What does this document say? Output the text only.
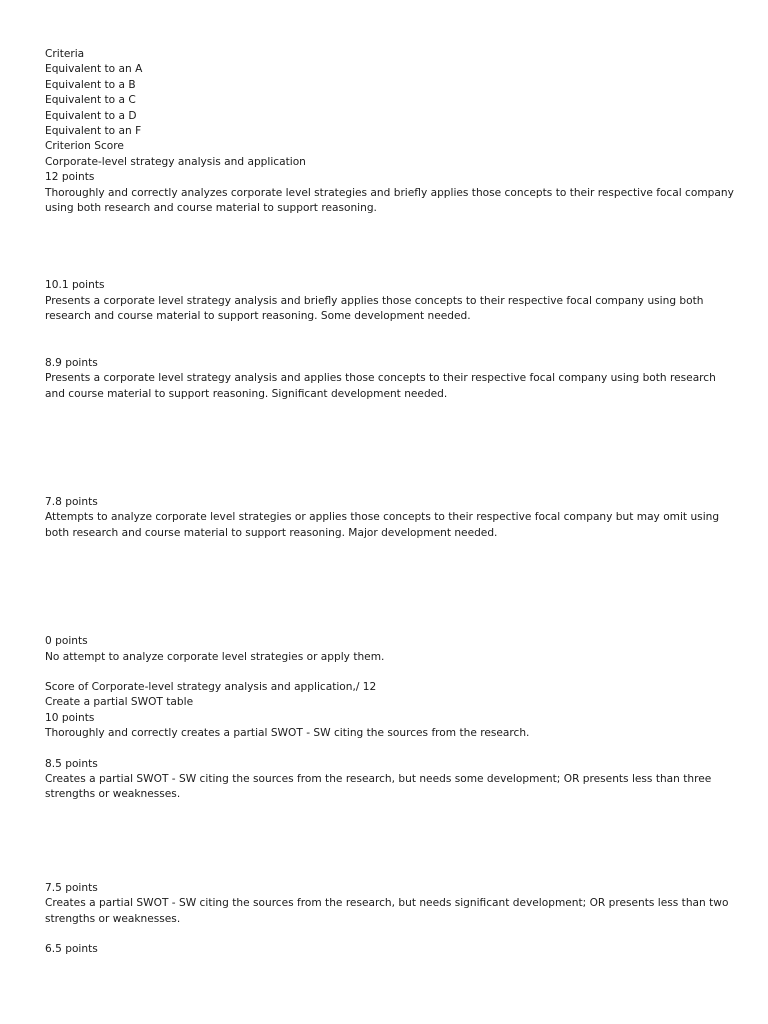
Criteria
Equivalent to an A
Equivalent to a B
Equivalent to a C
Equivalent to a D
Equivalent to an F
Criterion Score
Corporate-level strategy analysis and application
12 points
Thoroughly and correctly analyzes corporate level strategies and briefly applies those concepts to their respective focal company using both research and course material to support reasoning.
10.1 points
Presents a corporate level strategy analysis and briefly applies those concepts to their respective focal company using both research and course material to support reasoning. Some development needed.
8.9 points
Presents a corporate level strategy analysis and applies those concepts to their respective focal company using both research and course material to support reasoning. Significant development needed.
7.8 points
Attempts to analyze corporate level strategies or applies those concepts to their respective focal company but may omit using both research and course material to support reasoning. Major development needed.
0 points
No attempt to analyze corporate level strategies or apply them.
Score of Corporate-level strategy analysis and application,/ 12
Create a partial SWOT table
10 points
Thoroughly and correctly creates a partial SWOT - SW citing the sources from the research.
8.5 points
Creates a partial SWOT - SW citing the sources from the research, but needs some development; OR presents less than three strengths or weaknesses.
7.5 points
Creates a partial SWOT - SW citing the sources from the research, but needs significant development; OR presents less than two strengths or weaknesses.
6.5 points
